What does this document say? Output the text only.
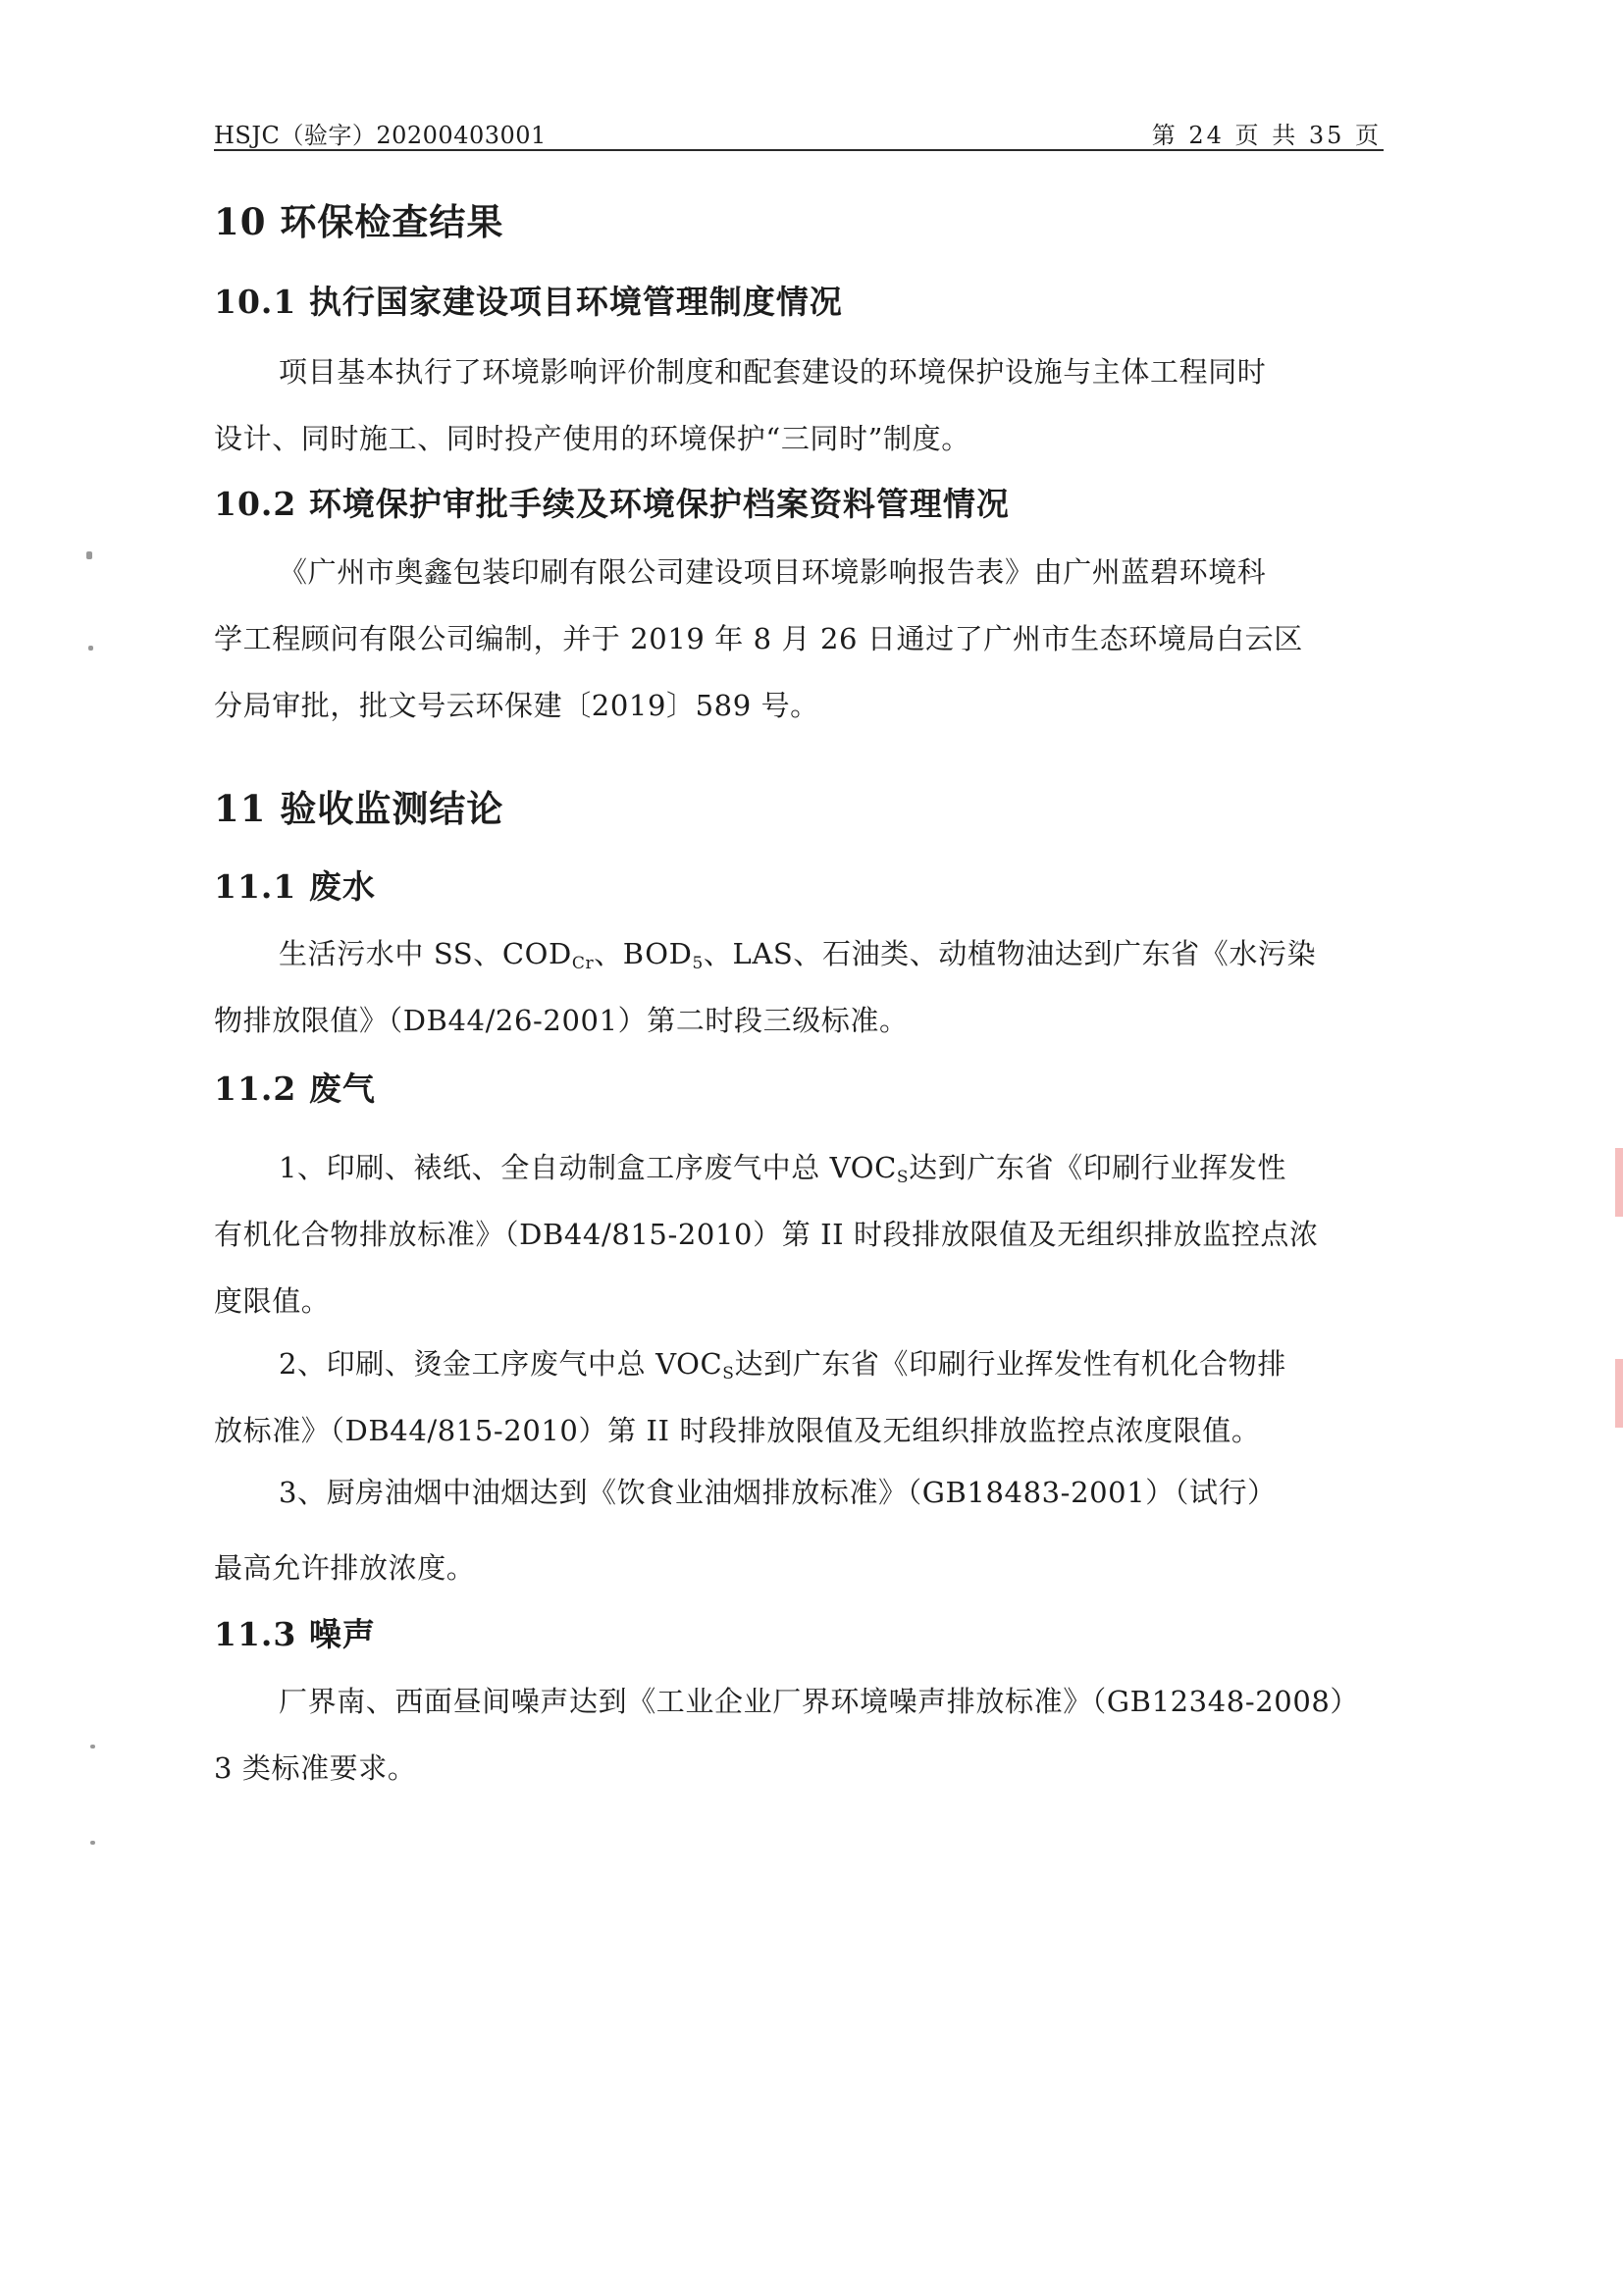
HSJC（验字）20200403001	第 24 页 共 35 页
10 环保检查结果
10.1 执行国家建设项目环境管理制度情况
项目基本执行了环境影响评价制度和配套建设的环境保护设施与主体工程同时
设计、同时施工、同时投产使用的环境保护“三同时”制度。
10.2 环境保护审批手续及环境保护档案资料管理情况
《广州市奥鑫包装印刷有限公司建设项目环境影响报告表》由广州蓝碧环境科
学工程顾问有限公司编制，并于 2019 年 8 月 26 日通过了广州市生态环境局白云区
分局审批，批文号云环保建〔2019〕589 号。
11 验收监测结论
11.1 废水
生活污水中 SS、$COD_{Cr}$、$BOD_5$、LAS、石油类、动植物油达到广东省《水污染
物排放限值》（DB44/26-2001）第二时段三级标准。
11.2 废气
1、印刷、裱纸、全自动制盒工序废气中总 $VOC_S$达到广东省《印刷行业挥发性
有机化合物排放标准》（DB44/815-2010）第 II 时段排放限值及无组织排放监控点浓
度限值。
2、印刷、烫金工序废气中总 $VOC_S$达到广东省《印刷行业挥发性有机化合物排
放标准》（DB44/815-2010）第 II 时段排放限值及无组织排放监控点浓度限值。
3、厨房油烟中油烟达到《饮食业油烟排放标准》（GB18483-2001）（试行）
最高允许排放浓度。
11.3 噪声
厂界南、西面昼间噪声达到《工业企业厂界环境噪声排放标准》（GB12348-2008）
3 类标准要求。
